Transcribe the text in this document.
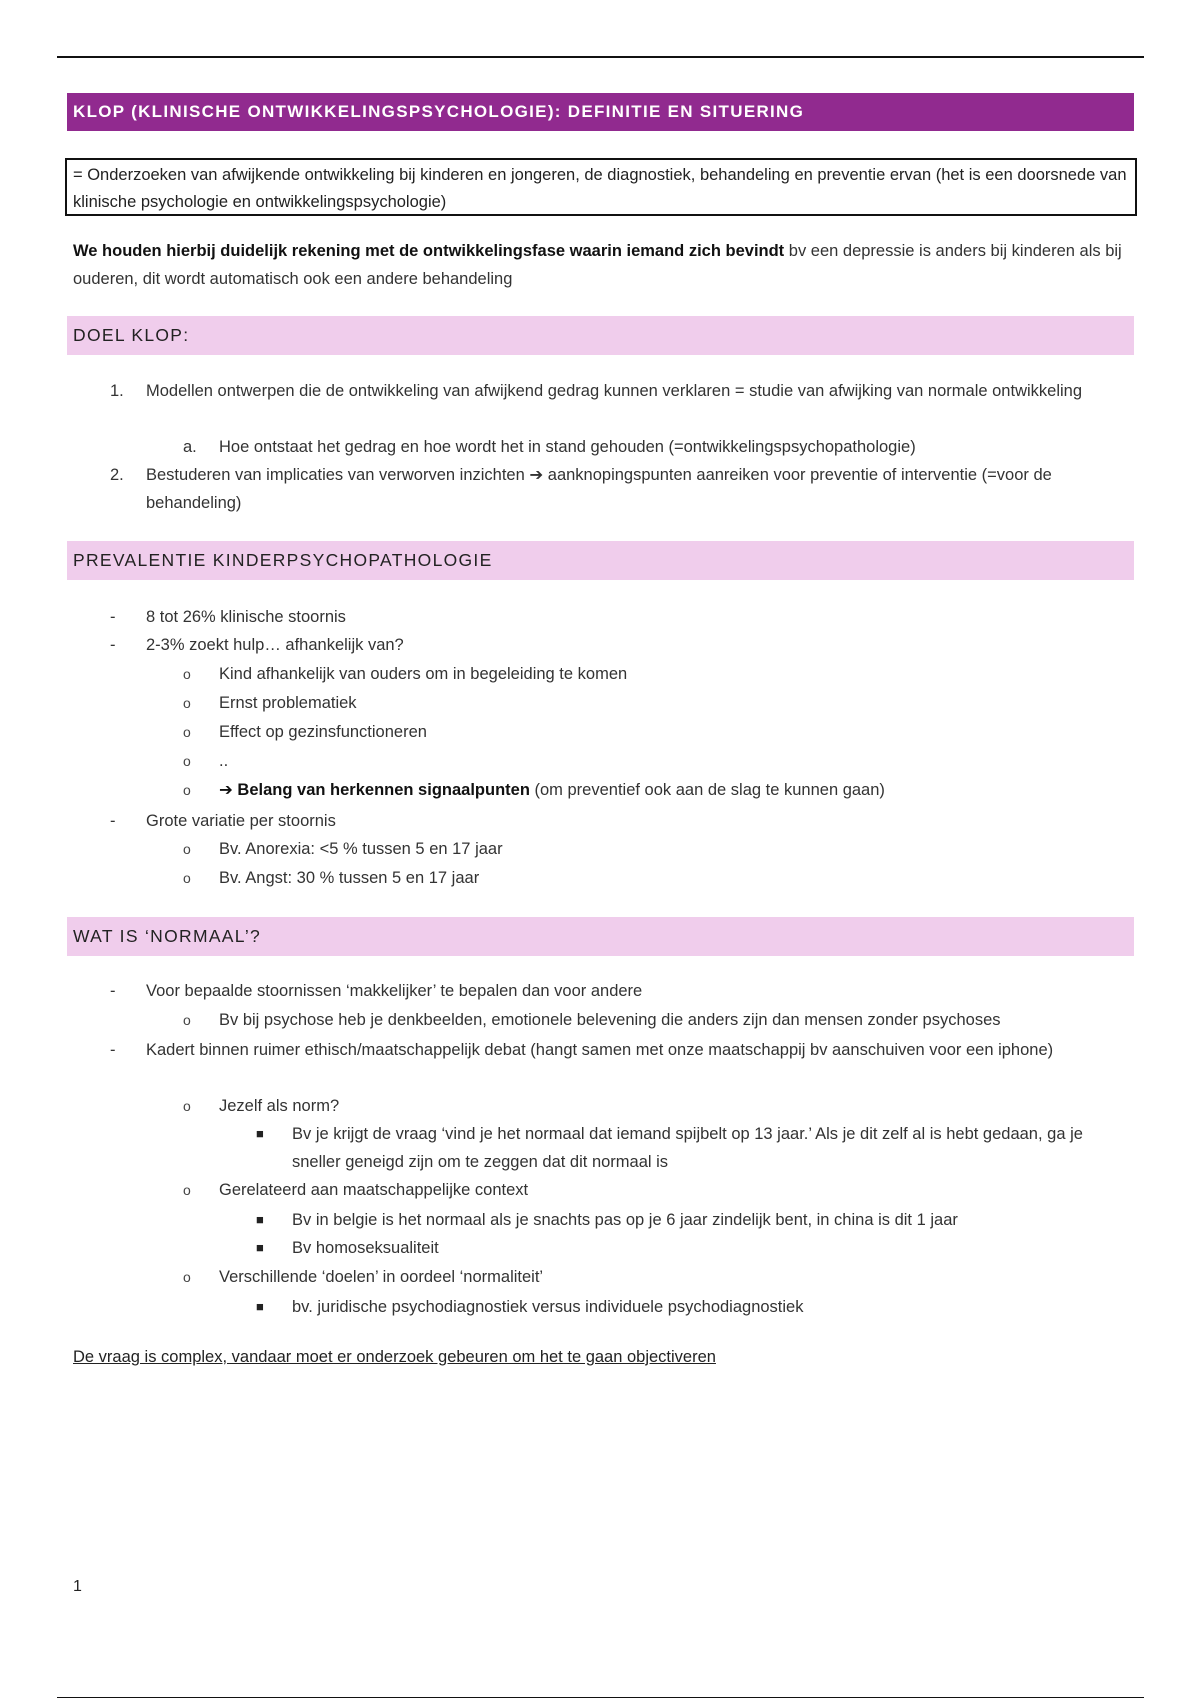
KLOP (KLINISCHE ONTWIKKELINGSPSYCHOLOGIE): DEFINITIE EN SITUERING
= Onderzoeken van afwijkende ontwikkeling bij kinderen en jongeren, de diagnostiek, behandeling en preventie ervan (het is een doorsnede van klinische psychologie en ontwikkelingspsychologie)
We houden hierbij duidelijk rekening met de ontwikkelingsfase waarin iemand zich bevindt bv een depressie is anders bij kinderen als bij ouderen, dit wordt automatisch ook een andere behandeling
DOEL KLOP:
1. Modellen ontwerpen die de ontwikkeling van afwijkend gedrag kunnen verklaren = studie van afwijking van normale ontwikkeling
a. Hoe ontstaat het gedrag en hoe wordt het in stand gehouden (=ontwikkelingspsychopathologie)
2. Bestuderen van implicaties van verworven inzichten ➔ aanknopingspunten aanreiken voor preventie of interventie (=voor de behandeling)
PREVALENTIE KINDERPSYCHOPATHOLOGIE
- 8 tot 26% klinische stoornis
- 2-3% zoekt hulp… afhankelijk van?
o Kind afhankelijk van ouders om in begeleiding te komen
o Ernst problematiek
o Effect op gezinsfunctioneren
o ..
o ➔ Belang van herkennen signaalpunten (om preventief ook aan de slag te kunnen gaan)
- Grote variatie per stoornis
o Bv. Anorexia: <5 % tussen 5 en 17 jaar
o Bv. Angst: 30 % tussen 5 en 17 jaar
WAT IS ‘NORMAAL’?
- Voor bepaalde stoornissen ‘makkelijker’ te bepalen dan voor andere
o Bv bij psychose heb je denkbeelden, emotionele belevening die anders zijn dan mensen zonder psychoses
- Kadert binnen ruimer ethisch/maatschappelijk debat (hangt samen met onze maatschappij bv aanschuiven voor een iphone)
o Jezelf als norm?
■ Bv je krijgt de vraag ‘vind je het normaal dat iemand spijbelt op 13 jaar.’ Als je dit zelf al is hebt gedaan, ga je sneller geneigd zijn om te zeggen dat dit normaal is
o Gerelateerd aan maatschappelijke context
■ Bv in belgie is het normaal als je snachts pas op je 6 jaar zindelijk bent, in china is dit 1 jaar
■ Bv homoseksualiteit
o Verschillende ‘doelen’ in oordeel ‘normaliteit’
■ bv. juridische psychodiagnostiek versus individuele psychodiagnostiek
De vraag is complex, vandaar moet er onderzoek gebeuren om het te gaan objectiveren
1
